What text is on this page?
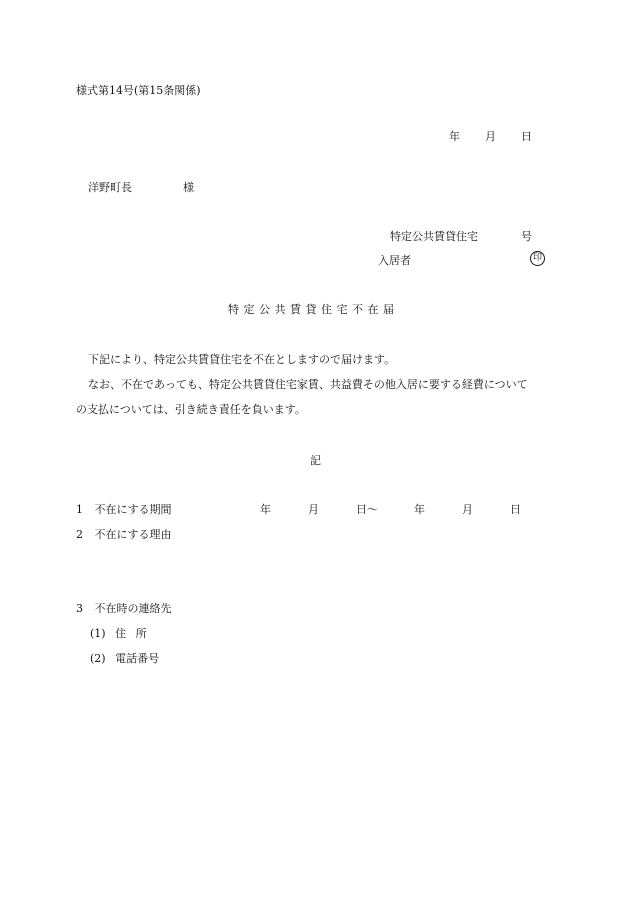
様式第14号(第15条関係)
年 月 日
洋野町長	様
特定公共賃貸住宅	号
入居者	印
特定公共賃貸住宅不在届
下記により、特定公共賃貸住宅を不在としますので届けます。
なお、不在であっても、特定公共賃貸住宅家賃、共益費その他入居に要する経費について
の支払については、引き続き責任を負います。
記
1 不在にする期間	年	月	日〜	年	月	日
2 不在にする理由
3 不在時の連絡先
(1) 住 所
(2) 電話番号
